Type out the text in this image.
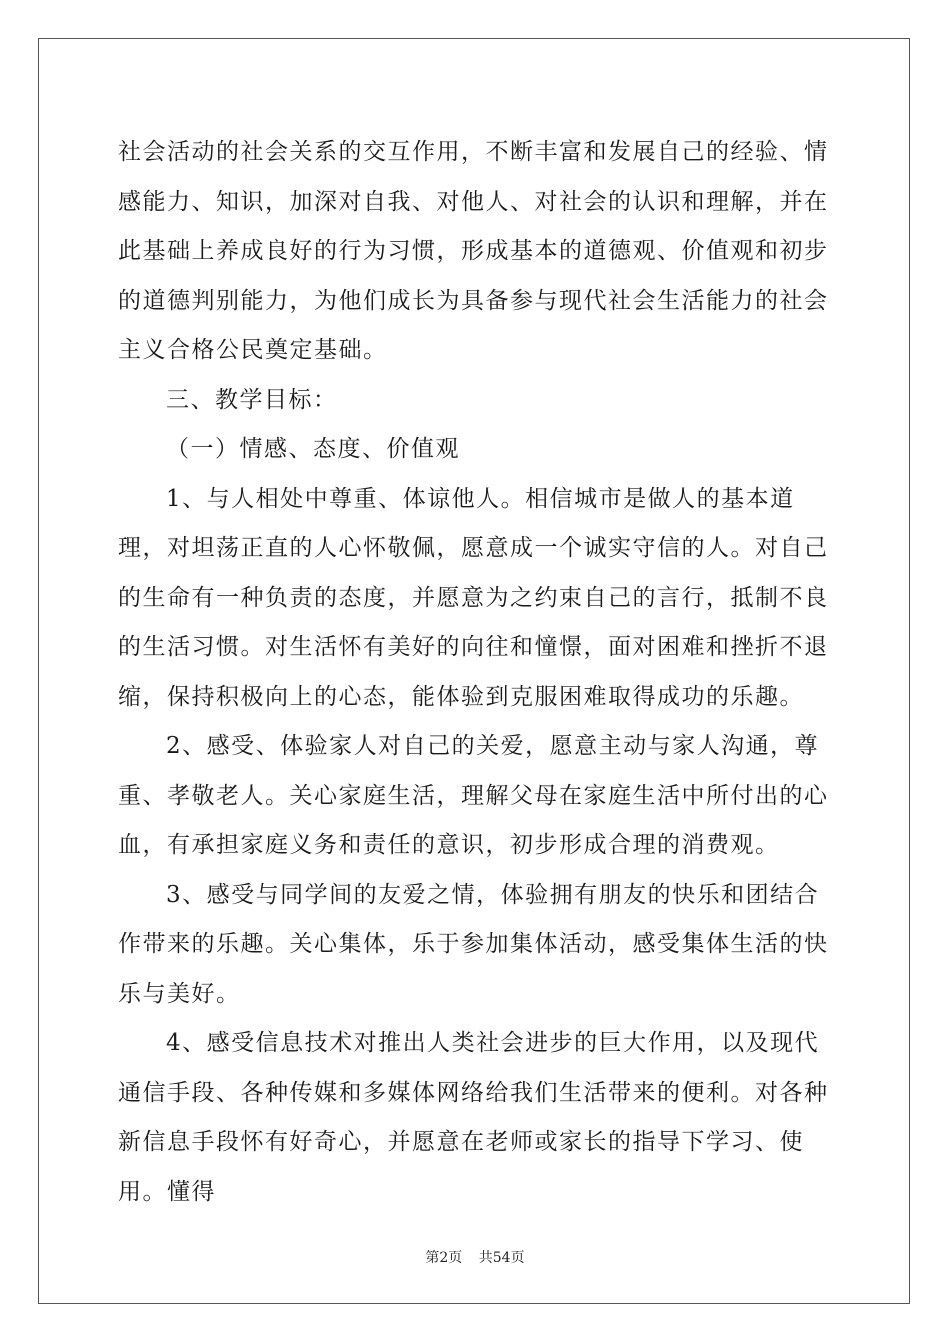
社会活动的社会关系的交互作用，不断丰富和发展自己的经验、情感能力、知识，加深对自我、对他人、对社会的认识和理解，并在此基础上养成良好的行为习惯，形成基本的道德观、价值观和初步的道德判别能力，为他们成长为具备参与现代社会生活能力的社会主义合格公民奠定基础。

三、教学目标：

（一）情感、态度、价值观

1、与人相处中尊重、体谅他人。相信城市是做人的基本道理，对坦荡正直的人心怀敬佩，愿意成一个诚实守信的人。对自己的生命有一种负责的态度，并愿意为之约束自己的言行，抵制不良的生活习惯。对生活怀有美好的向往和憧憬，面对困难和挫折不退缩，保持积极向上的心态，能体验到克服困难取得成功的乐趣。

2、感受、体验家人对自己的关爱，愿意主动与家人沟通，尊重、孝敬老人。关心家庭生活，理解父母在家庭生活中所付出的心血，有承担家庭义务和责任的意识，初步形成合理的消费观。

3、感受与同学间的友爱之情，体验拥有朋友的快乐和团结合作带来的乐趣。关心集体，乐于参加集体活动，感受集体生活的快乐与美好。

4、感受信息技术对推出人类社会进步的巨大作用，以及现代通信手段、各种传媒和多媒体网络给我们生活带来的便利。对各种新信息手段怀有好奇心，并愿意在老师或家长的指导下学习、使用。懂得

第2页 共54页
